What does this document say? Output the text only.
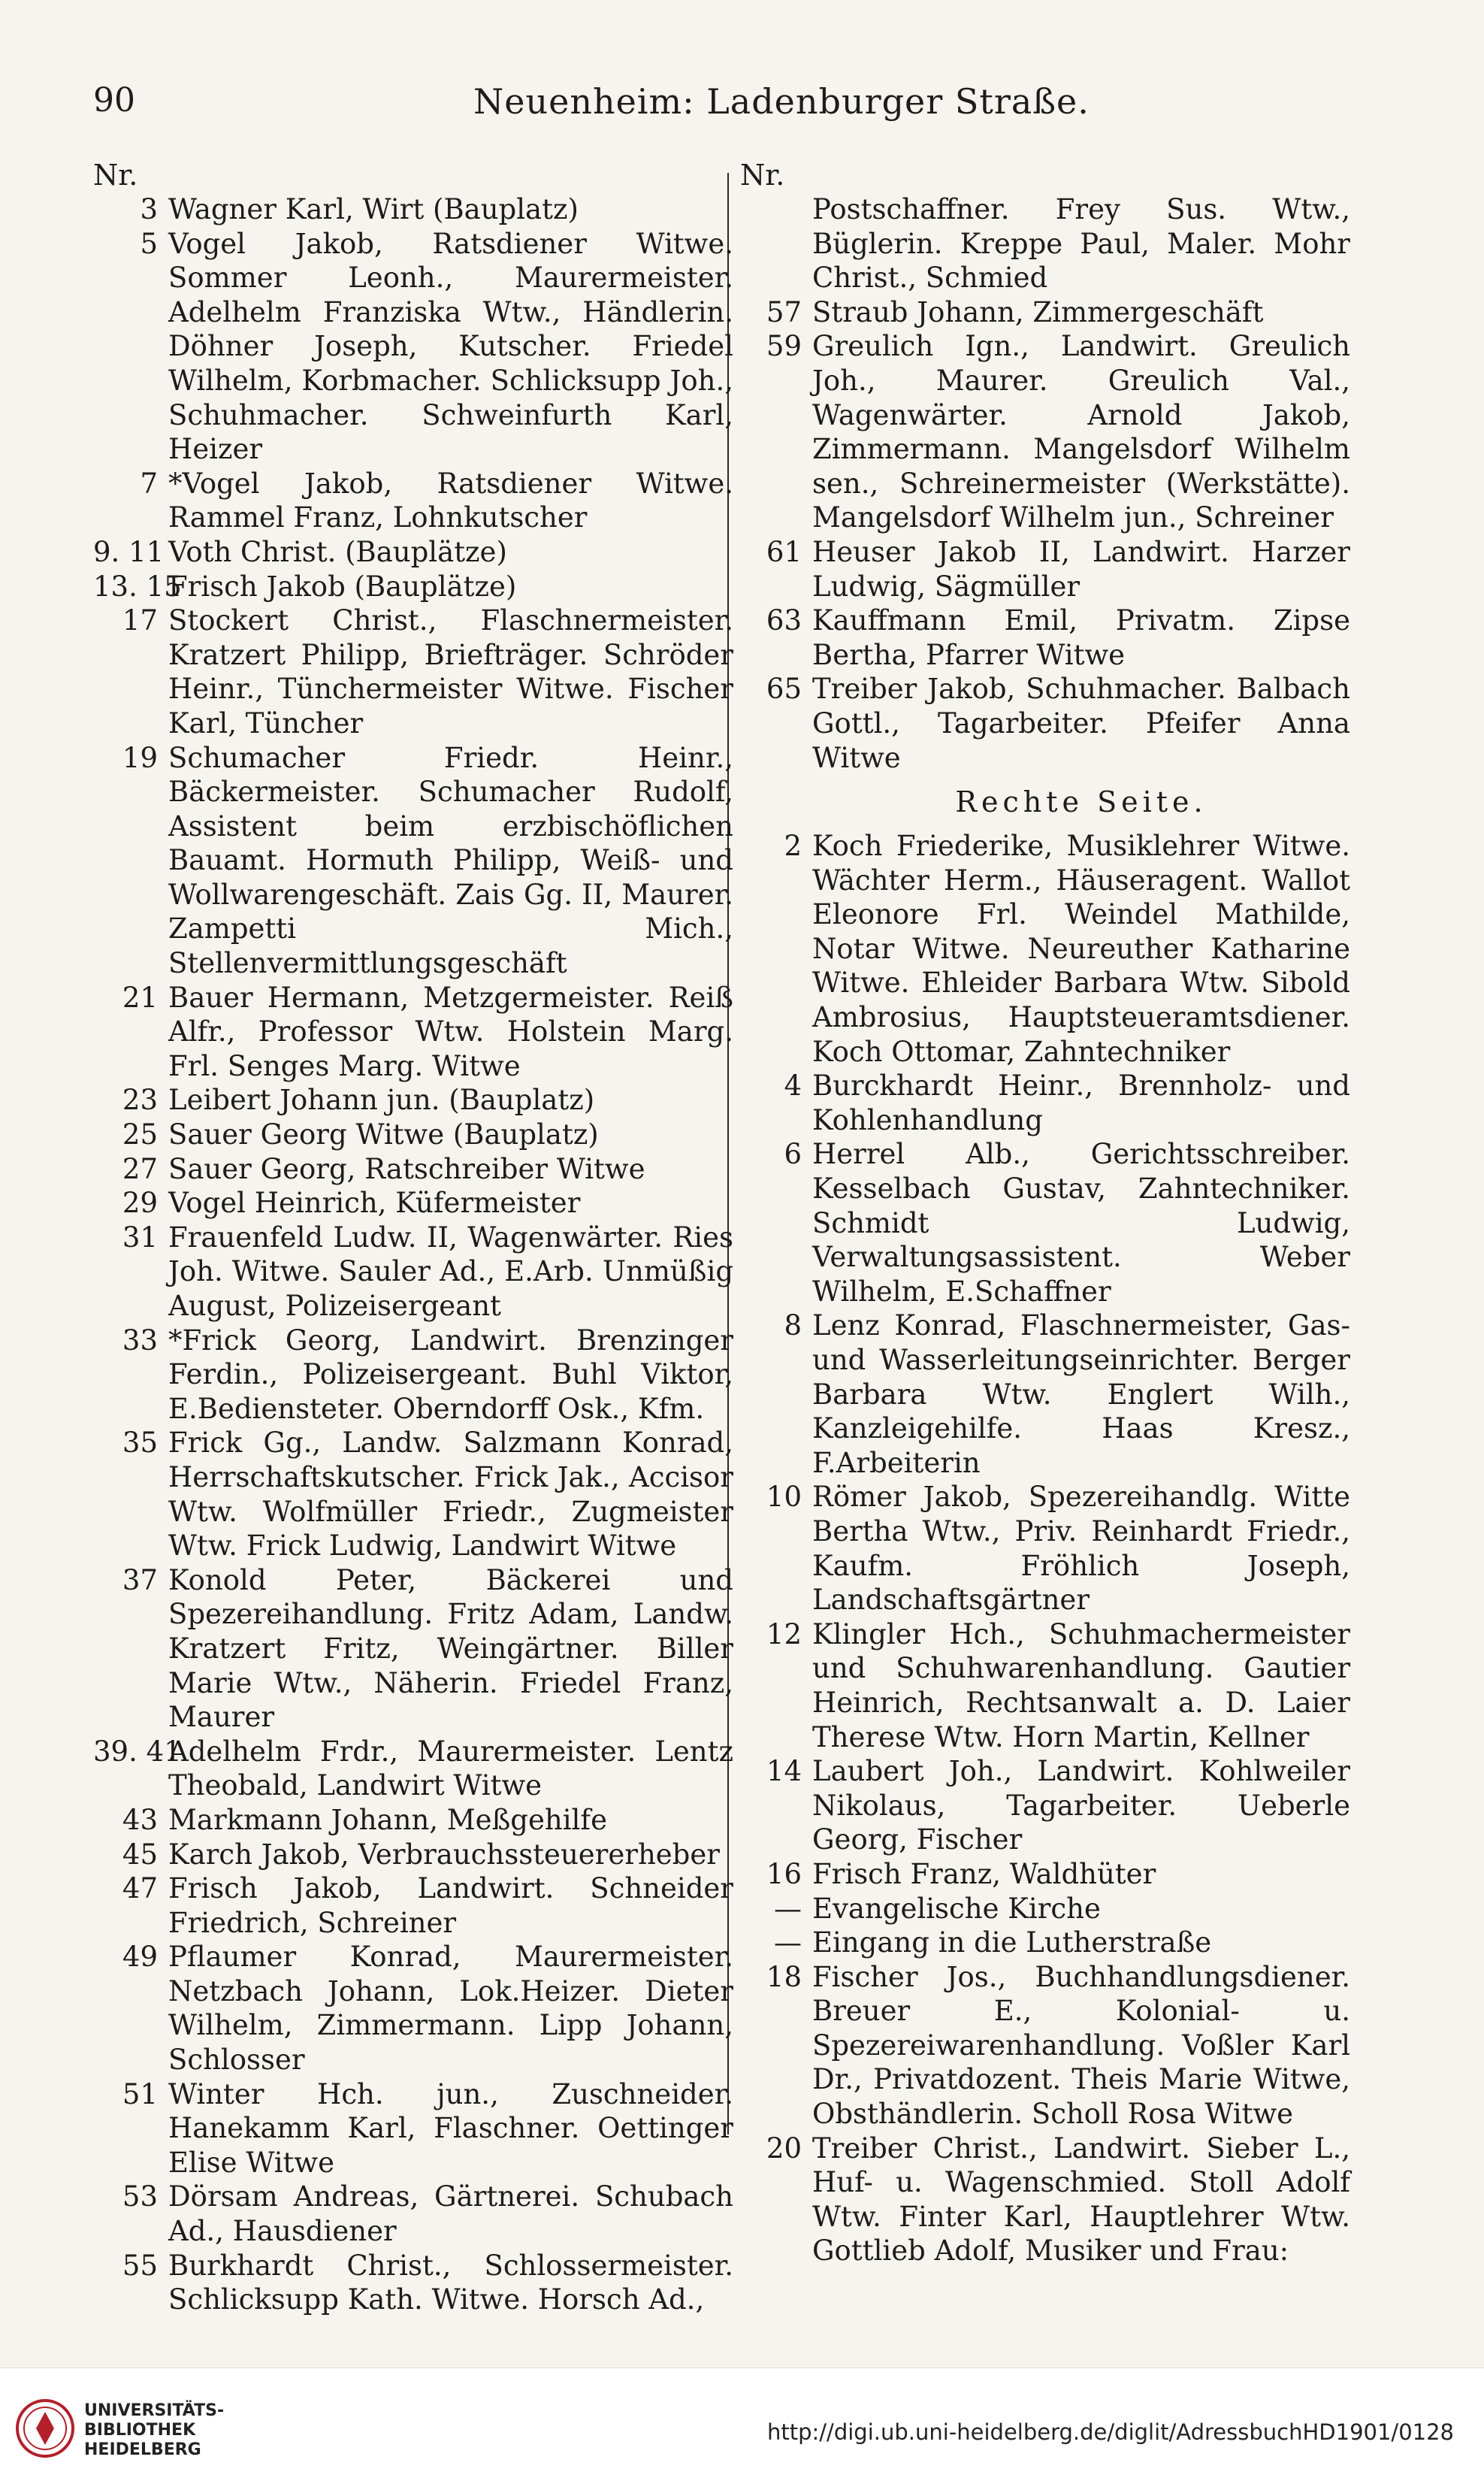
90	Neuenheim: Ladenburger Straße.
Nr.
3 Wagner Karl, Wirt (Bauplatz)
5 Vogel Jakob, Ratsdiener Witwe. Sommer Leonh., Maurermeister. Adelhelm Franziska Wtw., Händlerin. Döhner Joseph, Kutscher. Friedel Wilhelm, Korbmacher. Schlicksupp Joh., Schuhmacher. Schweinfurth Karl, Heizer
7 *Vogel Jakob, Ratsdiener Witwe. Rammel Franz, Lohnkutscher
9. 11 Voth Christ. (Bauplätze)
13. 15
Frisch Jakob (Bauplätze)
17 Stockert Christ., Flaschnermeister. Kratzert Philipp, Briefträger. Schröder Heinr., Tünchermeister Witwe. Fischer Karl, Tüncher
19 Schumacher Friedr. Heinr., Bäckermeister. Schumacher Rudolf, Assistent beim erzbischöflichen Bauamt. Hormuth Philipp, Weiß- und Wollwarengeschäft. Zais Gg. II, Maurer. Zampetti Mich., Stellenvermittlungsgeschäft
21 Bauer Hermann, Metzgermeister. Reiß Alfr., Professor Wtw. Holstein Marg. Frl. Senges Marg. Witwe
23 Leibert Johann jun. (Bauplatz)
25 Sauer Georg Witwe (Bauplatz)
27 Sauer Georg, Ratschreiber Witwe
29 Vogel Heinrich, Küfermeister
31 Frauenfeld Ludw. II, Wagenwärter. Ries Joh. Witwe. Sauler Ad., E.Arb. Unmüßig August, Polizeisergeant
33 *Frick Georg, Landwirt. Brenzinger Ferdin., Polizeisergeant. Buhl Viktor, E.Bediensteter. Oberndorff Osk., Kfm.
35 Frick Gg., Landw. Salzmann Konrad, Herrschaftskutscher. Frick Jak., Accisor Wtw. Wolfmüller Friedr., Zugmeister Wtw. Frick Ludwig, Landwirt Witwe
37 Konold Peter, Bäckerei und Spezereihandlung. Fritz Adam, Landw. Kratzert Fritz, Weingärtner. Biller Marie Wtw., Näherin. Friedel Franz, Maurer
39. 41
Adelhelm Frdr., Maurermeister. Lentz Theobald, Landwirt Witwe
43 Markmann Johann, Meßgehilfe
45 Karch Jakob, Verbrauchssteuererheber
47 Frisch Jakob, Landwirt. Schneider Friedrich, Schreiner
49 Pflaumer Konrad, Maurermeister. Netzbach Johann, Lok.Heizer. Dieter Wilhelm, Zimmermann. Lipp Johann, Schlosser
51 Winter Hch. jun., Zuschneider. Hanekamm Karl, Flaschner. Oettinger Elise Witwe
53 Dörsam Andreas, Gärtnerei. Schubach Ad., Hausdiener
55 Burkhardt Christ., Schlossermeister. Schlicksupp Kath. Witwe. Horsch Ad.,
Nr.
Postschaffner. Frey Sus. Wtw., Büglerin. Kreppe Paul, Maler. Mohr Christ., Schmied
57 Straub Johann, Zimmergeschäft
59 Greulich Ign., Landwirt. Greulich Joh., Maurer. Greulich Val., Wagenwärter. Arnold Jakob, Zimmermann. Mangelsdorf Wilhelm sen., Schreinermeister (Werkstätte). Mangelsdorf Wilhelm jun., Schreiner
61 Heuser Jakob II, Landwirt. Harzer Ludwig, Sägmüller
63 Kauffmann Emil, Privatm. Zipse Bertha, Pfarrer Witwe
65 Treiber Jakob, Schuhmacher. Balbach Gottl., Tagarbeiter. Pfeifer Anna Witwe
Rechte Seite.
2 Koch Friederike, Musiklehrer Witwe. Wächter Herm., Häuseragent. Wallot Eleonore Frl. Weindel Mathilde, Notar Witwe. Neureuther Katharine Witwe. Ehleider Barbara Wtw. Sibold Ambrosius, Hauptsteueramtsdiener. Koch Ottomar, Zahntechniker
4 Burckhardt Heinr., Brennholz- und Kohlenhandlung
6 Herrel Alb., Gerichtsschreiber. Kesselbach Gustav, Zahntechniker. Schmidt Ludwig, Verwaltungsassistent. Weber Wilhelm, E.Schaffner
8 Lenz Konrad, Flaschnermeister, Gas- und Wasserleitungseinrichter. Berger Barbara Wtw. Englert Wilh., Kanzleigehilfe. Haas Kresz., F.Arbeiterin
10 Römer Jakob, Spezereihandlg. Witte Bertha Wtw., Priv. Reinhardt Friedr., Kaufm. Fröhlich Joseph, Landschaftsgärtner
12 Klingler Hch., Schuhmachermeister und Schuhwarenhandlung. Gautier Heinrich, Rechtsanwalt a. D. Laier Therese Wtw. Horn Martin, Kellner
14 Laubert Joh., Landwirt. Kohlweiler Nikolaus, Tagarbeiter. Ueberle Georg, Fischer
16 Frisch Franz, Waldhüter
— Evangelische Kirche
— Eingang in die Lutherstraße
18 Fischer Jos., Buchhandlungsdiener. Breuer E., Kolonial- u. Spezereiwarenhandlung. Voßler Karl Dr., Privatdozent. Theis Marie Witwe, Obsthändlerin. Scholl Rosa Witwe
20 Treiber Christ., Landwirt. Sieber L., Huf- u. Wagenschmied. Stoll Adolf Wtw. Finter Karl, Hauptlehrer Wtw. Gottlieb Adolf, Musiker und Frau:
UNIVERSITÄTS-
BIBLIOTHEK
HEIDELBERG
http://digi.ub.uni-heidelberg.de/diglit/AdressbuchHD1901/0128
